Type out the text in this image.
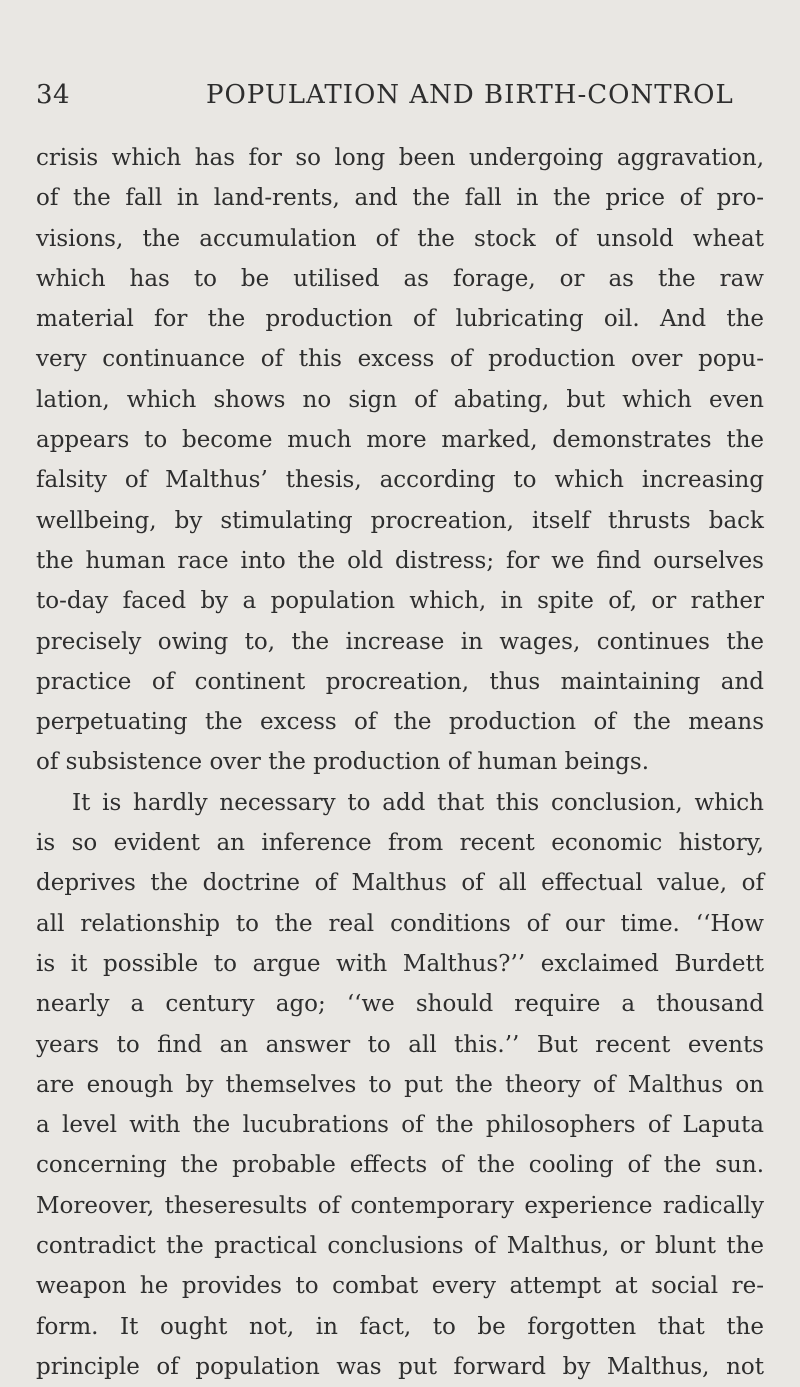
34	POPULATION AND BIRTH-CONTROL
crisis which has for so long been undergoing aggravation,
of the fall in land-rents, and the fall in the price of pro-
visions, the accumulation of the stock of unsold wheat
which has to be utilised as forage, or as the raw
material for the production of lubricating oil. And the
very continuance of this excess of production over popu-
lation, which shows no sign of abating, but which even
appears to become much more marked, demonstrates the
falsity of Malthus’ thesis, according to which increasing
wellbeing, by stimulating procreation, itself thrusts back
the human race into the old distress; for we find ourselves
to-day faced by a population which, in spite of, or rather
precisely owing to, the increase in wages, continues the
practice of continent procreation, thus maintaining and
perpetuating the excess of the production of the means
of subsistence over the production of human beings.
It is hardly necessary to add that this conclusion, which
is so evident an inference from recent economic history,
deprives the doctrine of Malthus of all effectual value, of
all relationship to the real conditions of our time. ‘‘How
is it possible to argue with Malthus?’’ exclaimed Burdett
nearly a century ago; ‘‘we should require a thousand
years to find an answer to all this.’’ But recent events
are enough by themselves to put the theory of Malthus on
a level with the lucubrations of the philosophers of Laputa
concerning the probable effects of the cooling of the sun.
Moreover, theseresults of contemporary experience radically
contradict the practical conclusions of Malthus, or blunt the
weapon he provides to combat every attempt at social re-
form. It ought not, in fact, to be forgotten that the
principle of population was put forward by Malthus, not
